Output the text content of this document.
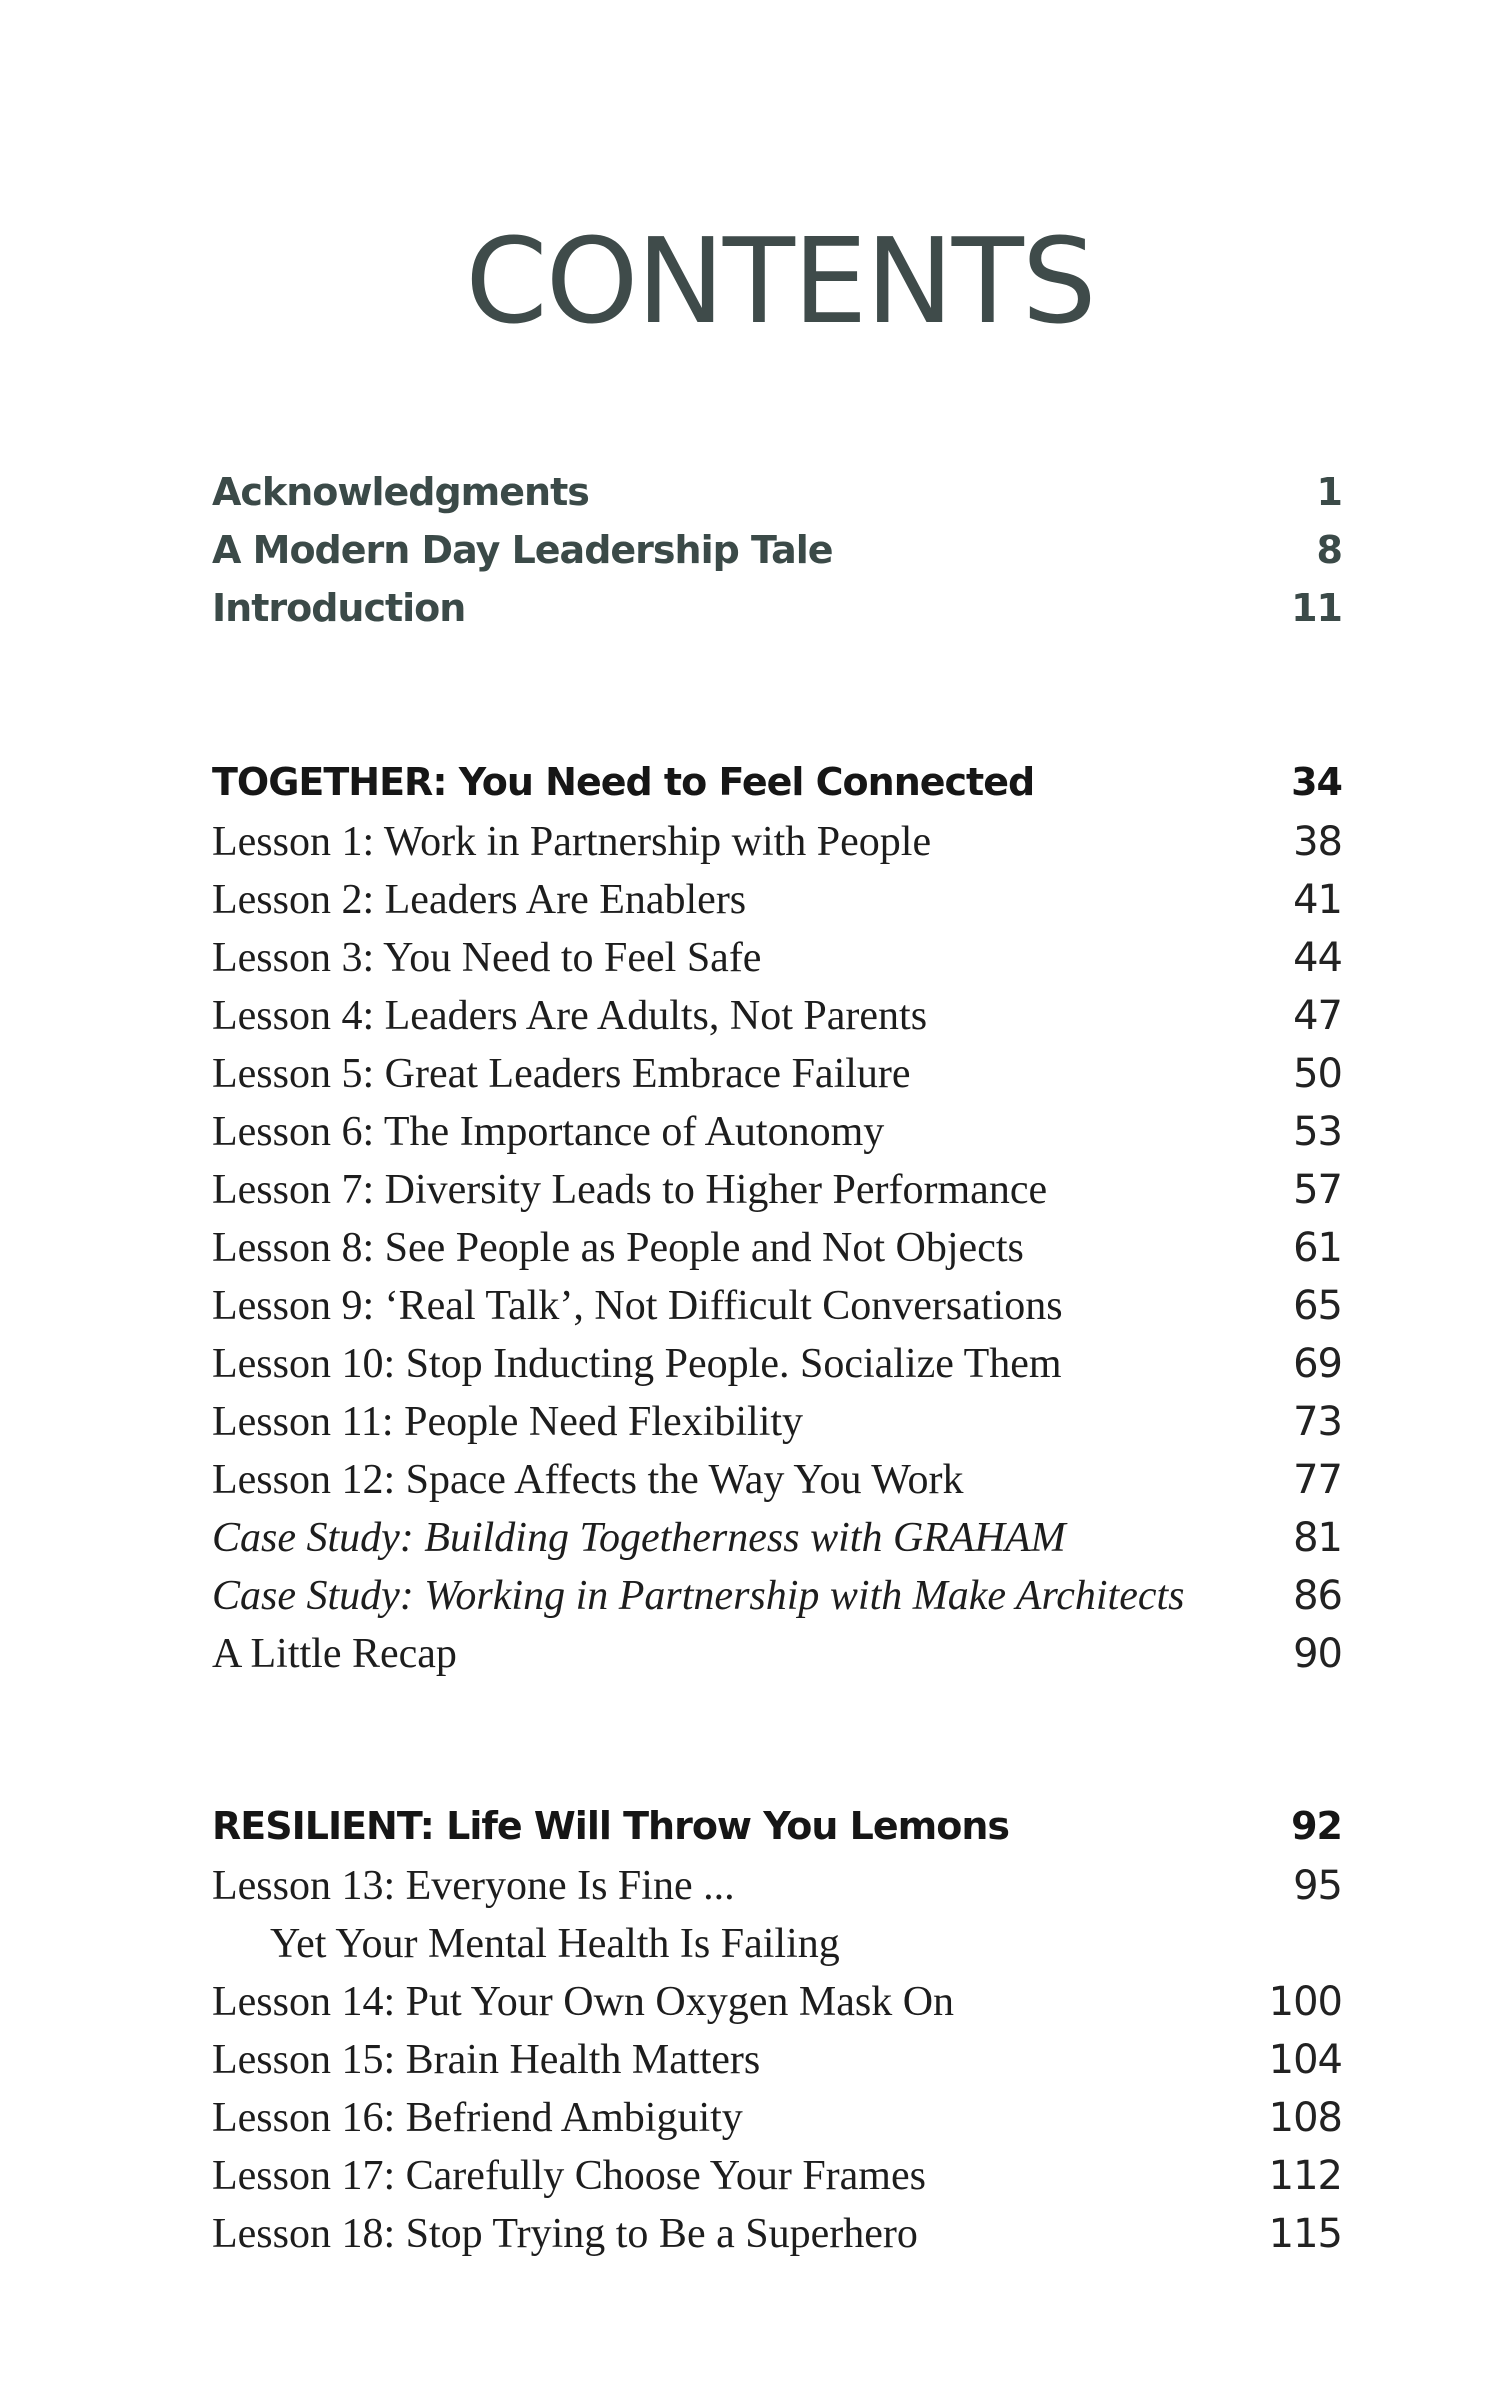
CONTENTS
Acknowledgments	1
A Modern Day Leadership Tale	8
Introduction	11
TOGETHER: You Need to Feel Connected	34
Lesson 1: Work in Partnership with People	38
Lesson 2: Leaders Are Enablers	41
Lesson 3: You Need to Feel Safe	44
Lesson 4: Leaders Are Adults, Not Parents	47
Lesson 5: Great Leaders Embrace Failure	50
Lesson 6: The Importance of Autonomy	53
Lesson 7: Diversity Leads to Higher Performance	57
Lesson 8: See People as People and Not Objects	61
Lesson 9: ‘Real Talk’, Not Difficult Conversations	65
Lesson 10: Stop Inducting People. Socialize Them	69
Lesson 11: People Need Flexibility	73
Lesson 12: Space Affects the Way You Work	77
Case Study: Building Togetherness with GRAHAM	81
Case Study: Working in Partnership with Make Architects	86
A Little Recap	90
RESILIENT: Life Will Throw You Lemons	92
Lesson 13: Everyone Is Fine ...	95
Yet Your Mental Health Is Failing
Lesson 14: Put Your Own Oxygen Mask On	100
Lesson 15: Brain Health Matters	104
Lesson 16: Befriend Ambiguity	108
Lesson 17: Carefully Choose Your Frames	112
Lesson 18: Stop Trying to Be a Superhero	115
